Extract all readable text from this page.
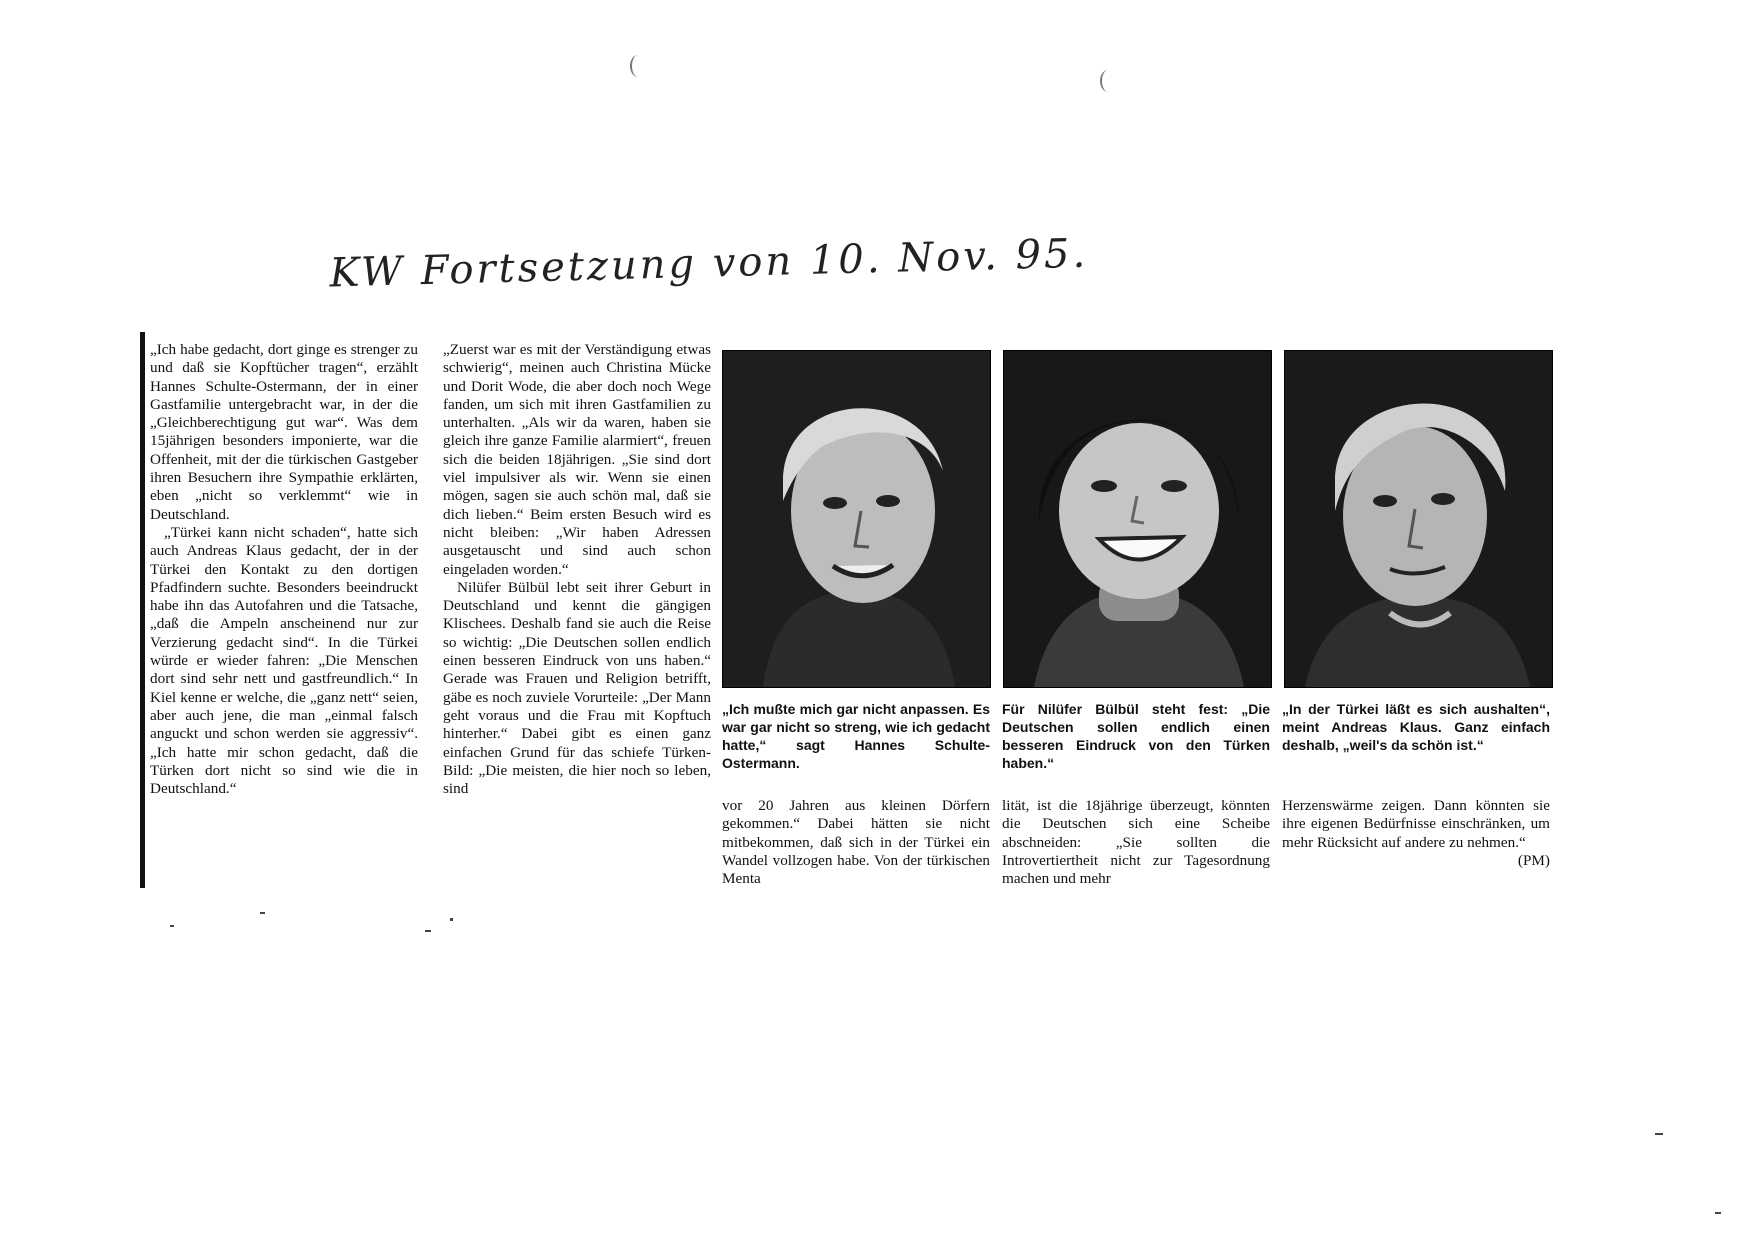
KW Fortsetzung von 10. Nov. 95.

„Ich habe gedacht, dort ginge es strenger zu und daß sie Kopftücher tragen“, erzählt Hannes Schulte-Ostermann, der in einer Gastfamilie untergebracht war, in der die „Gleichberechtigung gut war“. Was dem 15jährigen besonders imponierte, war die Offenheit, mit der die türkischen Gastgeber ihren Besuchern ihre Sympathie erklärten, eben „nicht so verklemmt“ wie in Deutschland.

„Türkei kann nicht schaden“, hatte sich auch Andreas Klaus gedacht, der in der Türkei den Kontakt zu den dortigen Pfadfindern suchte. Besonders beeindruckt habe ihn das Autofahren und die Tatsache, „daß die Ampeln anscheinend nur zur Verzierung gedacht sind“. In die Türkei würde er wieder fahren: „Die Menschen dort sind sehr nett und gastfreundlich.“ In Kiel kenne er welche, die „ganz nett“ seien, aber auch jene, die man „einmal falsch anguckt und schon werden sie aggressiv“. „Ich hatte mir schon gedacht, daß die Türken dort nicht so sind wie die in Deutschland.“

„Zuerst war es mit der Verständigung etwas schwierig“, meinen auch Christina Mücke und Dorit Wode, die aber doch noch Wege fanden, um sich mit ihren Gastfamilien zu unterhalten. „Als wir da waren, haben sie gleich ihre ganze Familie alarmiert“, freuen sich die beiden 18jährigen. „Sie sind dort viel impulsiver als wir. Wenn sie einen mögen, sagen sie auch schön mal, daß sie dich lieben.“ Beim ersten Besuch wird es nicht bleiben: „Wir haben Adressen ausgetauscht und sind auch schon eingeladen worden.“

Nilüfer Bülbül lebt seit ihrer Geburt in Deutschland und kennt die gängigen Klischees. Deshalb fand sie auch die Reise so wichtig: „Die Deutschen sollen endlich einen besseren Eindruck von uns haben.“ Gerade was Frauen und Religion betrifft, gäbe es noch zuviele Vorurteile: „Der Mann geht voraus und die Frau mit Kopftuch hinterher.“ Dabei gibt es einen ganz einfachen Grund für das schiefe Türken-Bild: „Die meisten, die hier noch so leben, sind

„Ich mußte mich gar nicht anpassen. Es war gar nicht so streng, wie ich gedacht hatte,“ sagt Hannes Schulte-Ostermann.
Für Nilüfer Bülbül steht fest: „Die Deutschen sollen endlich einen besseren Eindruck von den Türken haben.“
„In der Türkei läßt es sich aushalten“, meint Andreas Klaus. Ganz einfach deshalb, „weil's da schön ist.“

vor 20 Jahren aus kleinen Dörfern gekommen.“ Dabei hätten sie nicht mitbekommen, daß sich in der Türkei ein Wandel vollzogen habe. Von der türkischen Menta

lität, ist die 18jährige überzeugt, könnten die Deutschen sich eine Scheibe abschneiden: „Sie sollten die Introvertiertheit nicht zur Tagesordnung machen und mehr

Herzenswärme zeigen. Dann könnten sie ihre eigenen Bedürfnisse einschränken, um mehr Rücksicht auf andere zu nehmen.“

(PM)
